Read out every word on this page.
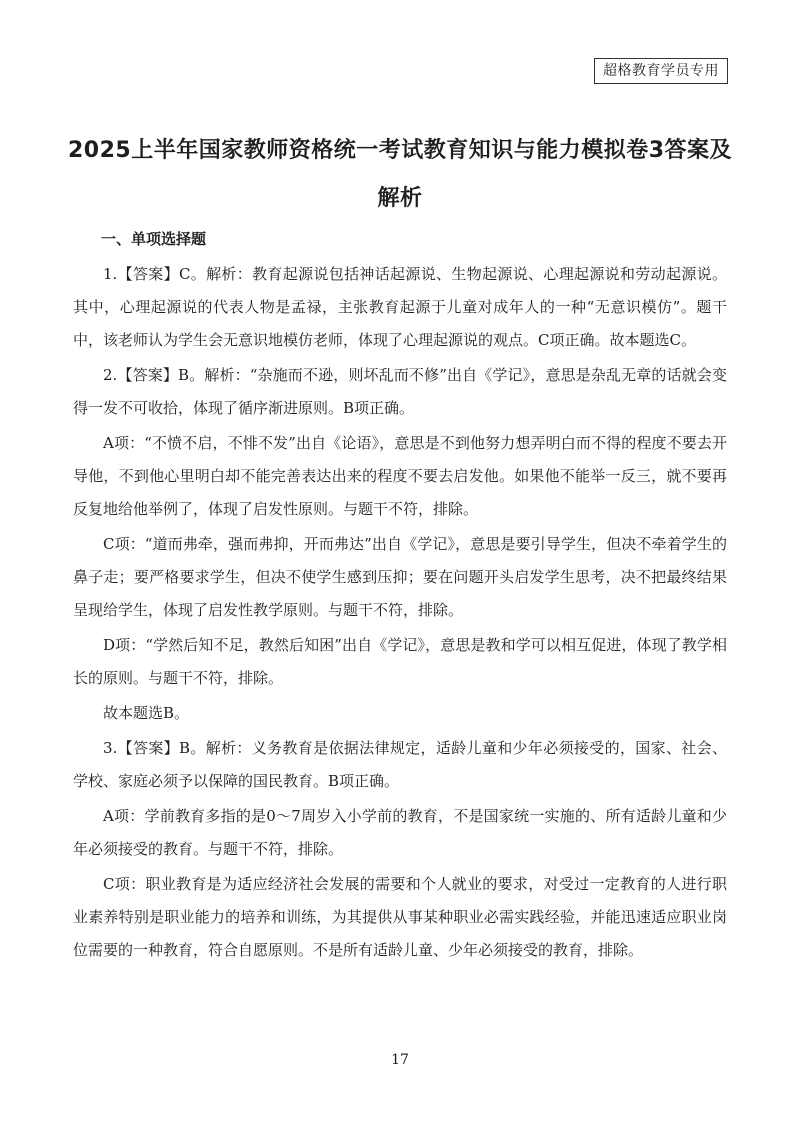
超格教育学员专用
2025上半年国家教师资格统一考试教育知识与能力模拟卷3答案及
解析
一、单项选择题

1.【答案】C。解析：教育起源说包括神话起源说、生物起源说、心理起源说和劳动起源说。其中，心理起源说的代表人物是孟禄，主张教育起源于儿童对成年人的一种“无意识模仿”。题干中，该老师认为学生会无意识地模仿老师，体现了心理起源说的观点。C项正确。故本题选C。

2.【答案】B。解析：“杂施而不逊，则坏乱而不修”出自《学记》，意思是杂乱无章的话就会变得一发不可收拾，体现了循序渐进原则。B项正确。

A项：“不愤不启，不悱不发”出自《论语》，意思是不到他努力想弄明白而不得的程度不要去开导他，不到他心里明白却不能完善表达出来的程度不要去启发他。如果他不能举一反三，就不要再反复地给他举例了，体现了启发性原则。与题干不符，排除。

C项：“道而弗牵，强而弗抑，开而弗达”出自《学记》，意思是要引导学生，但决不牵着学生的鼻子走；要严格要求学生，但决不使学生感到压抑；要在问题开头启发学生思考，决不把最终结果呈现给学生，体现了启发性教学原则。与题干不符，排除。

D项：“学然后知不足，教然后知困”出自《学记》，意思是教和学可以相互促进，体现了教学相长的原则。与题干不符，排除。

故本题选B。

3.【答案】B。解析：义务教育是依据法律规定，适龄儿童和少年必须接受的，国家、社会、学校、家庭必须予以保障的国民教育。B项正确。

A项：学前教育多指的是0～7周岁入小学前的教育，不是国家统一实施的、所有适龄儿童和少年必须接受的教育。与题干不符，排除。

C项：职业教育是为适应经济社会发展的需要和个人就业的要求，对受过一定教育的人进行职业素养特别是职业能力的培养和训练，为其提供从事某种职业必需实践经验，并能迅速适应职业岗位需要的一种教育，符合自愿原则。不是所有适龄儿童、少年必须接受的教育，排除。

17
